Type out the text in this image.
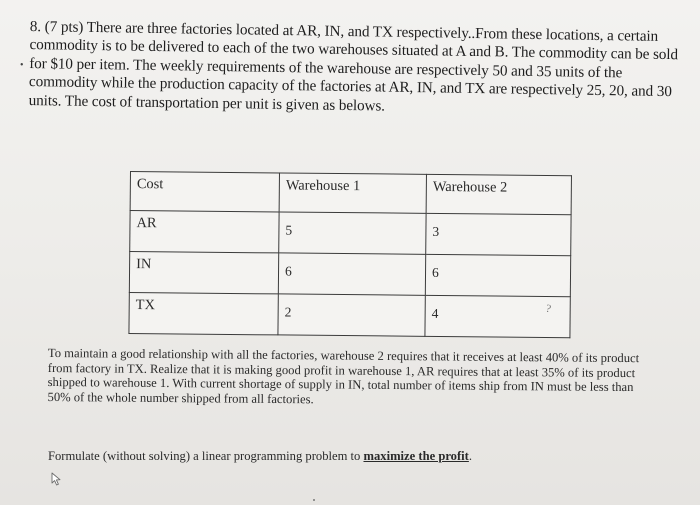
•
8. (7 pts) There are three factories located at AR, IN, and TX respectively..From these locations, a certain commodity is to be delivered to each of the two warehouses situated at A and B. The commodity can be sold for $10 per item. The weekly requirements of the warehouse are respectively 50 and 35 units of the commodity while the production capacity of the factories at AR, IN, and TX are respectively 25, 20, and 30 units. The cost of transportation per unit is given as belows.
Cost	Warehouse 1	Warehouse 2
AR	5	3
IN	6	6
TX	2	4	?
To maintain a good relationship with all the factories, warehouse 2 requires that it receives at least 40% of its product from factory in TX. Realize that it is making good profit in warehouse 1, AR requires that at least 35% of its product shipped to warehouse 1. With current shortage of supply in IN, total number of items ship from IN must be less than 50% of the whole number shipped from all factories.
Formulate (without solving) a linear programming problem to maximize the profit.
